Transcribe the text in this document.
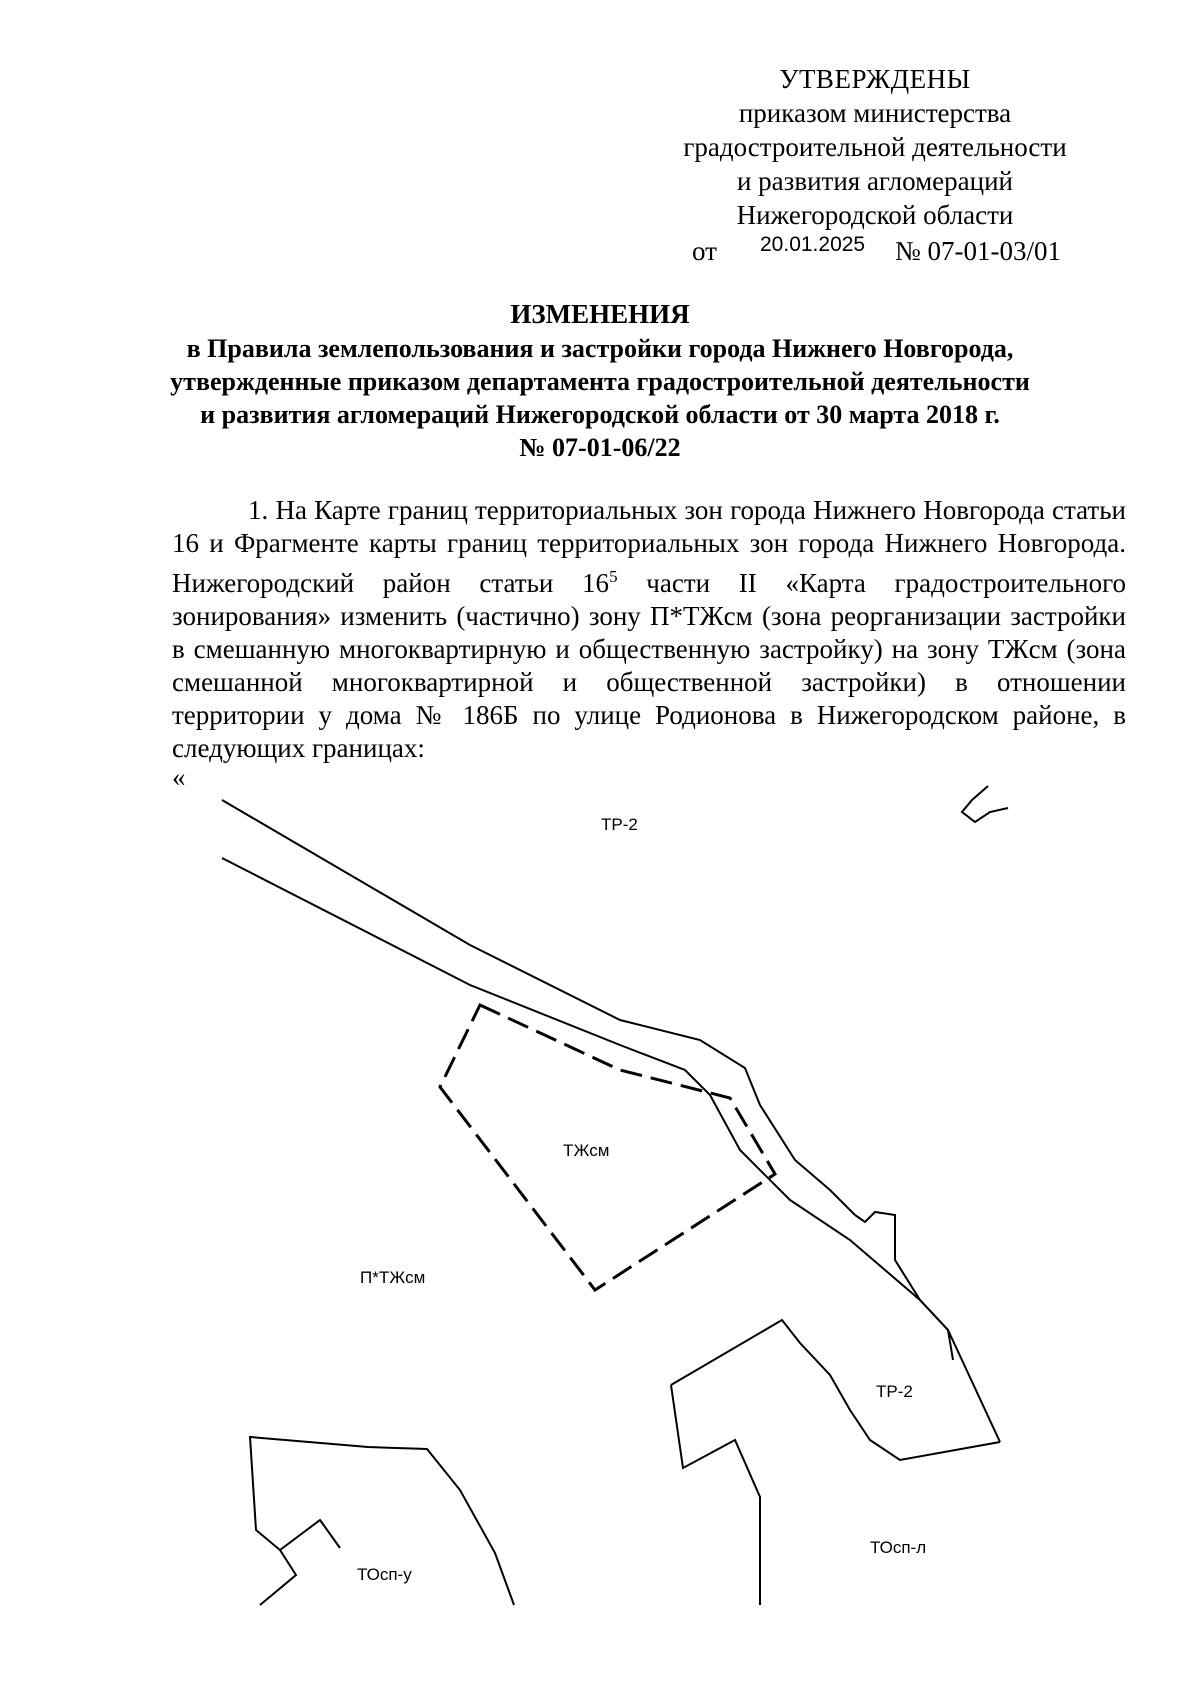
УТВЕРЖДЕНЫ
приказом министерства
градостроительной деятельности
и развития агломераций
Нижегородской области
от 20.01.2025 № 07-01-03/01
ИЗМЕНЕНИЯ
в Правила землепользования и застройки города Нижнего Новгорода,
утвержденные приказом департамента градостроительной деятельности
и развития агломераций Нижегородской области от 30 марта 2018 г.
№ 07-01-06/22
1. На Карте границ территориальных зон города Нижнего Новгорода статьи 16 и Фрагменте карты границ территориальных зон города Нижнего Новгорода. Нижегородский район статьи $16^5$ части II «Карта градостроительного зонирования» изменить (частично) зону П*ТЖсм (зона реорганизации застройки в смешанную многоквартирную и общественную застройку) на зону ТЖсм (зона смешанной многоквартирной и общественной застройки) в отношении территории у дома № 186Б по улице Родионова в Нижегородском районе, в следующих границах:
«
ТР-2
ТЖсм
П*ТЖсм
ТР-2
ТОсп-у
ТОсп-л
